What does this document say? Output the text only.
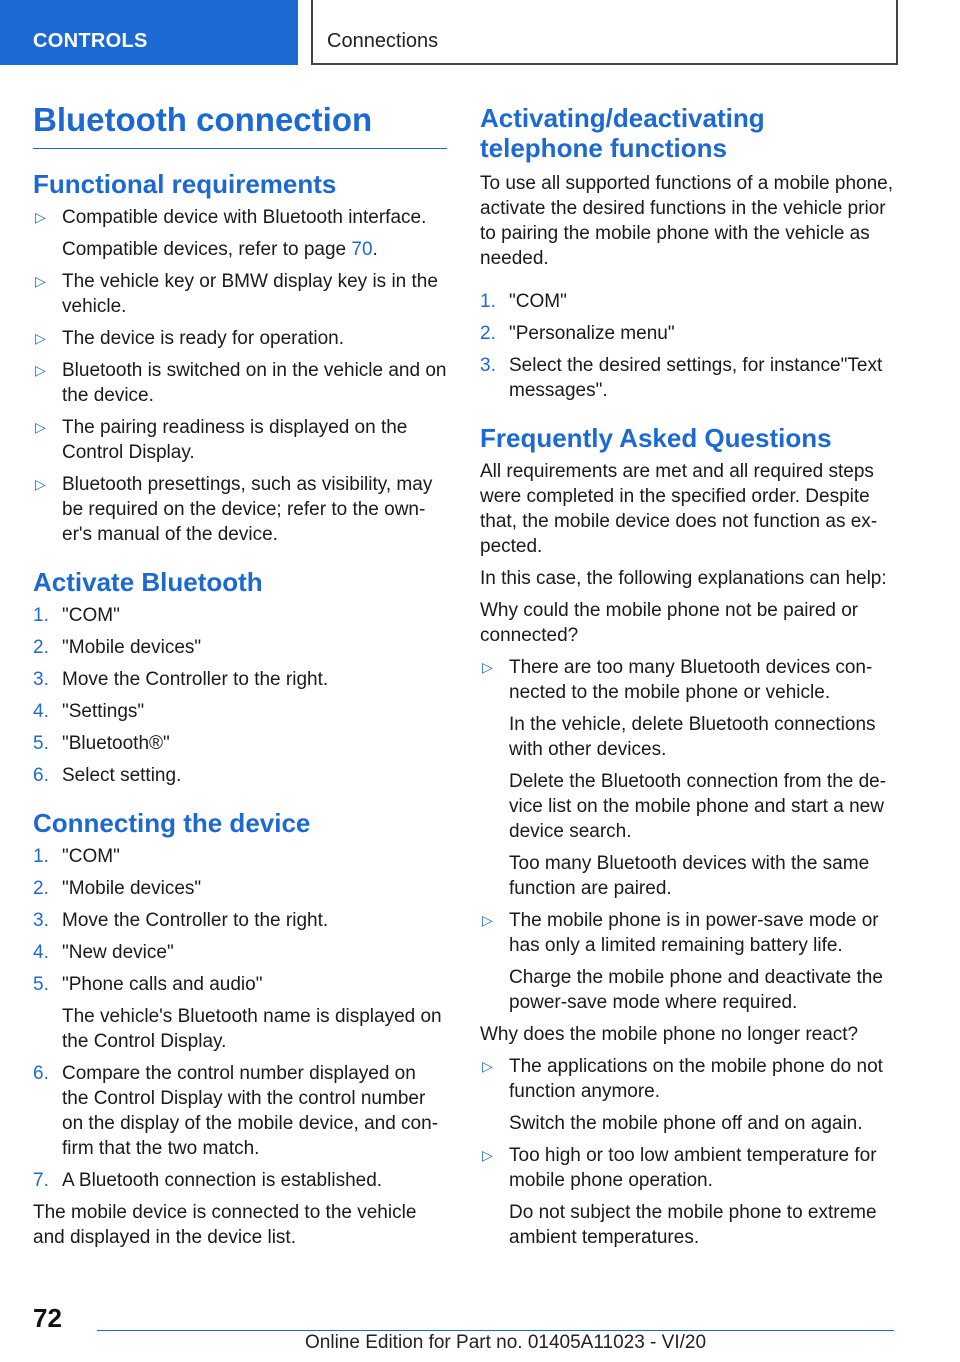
CONTROLS	Connections
Bluetooth connection
Functional requirements
▷ Compatible device with Bluetooth interface.
Compatible devices, refer to page 70.
▷ The vehicle key or BMW display key is in the vehicle.
▷ The device is ready for operation.
▷ Bluetooth is switched on in the vehicle and on the device.
▷ The pairing readiness is displayed on the Control Display.
▷ Bluetooth presettings, such as visibility, may be required on the device; refer to the owner's manual of the device.
Activate Bluetooth
1. "COM"
2. "Mobile devices"
3. Move the Controller to the right.
4. "Settings"
5. "Bluetooth®"
6. Select setting.
Connecting the device
1. "COM"
2. "Mobile devices"
3. Move the Controller to the right.
4. "New device"
5. "Phone calls and audio"
The vehicle's Bluetooth name is displayed on the Control Display.
6. Compare the control number displayed on the Control Display with the control number on the display of the mobile device, and confirm that the two match.
7. A Bluetooth connection is established.

The mobile device is connected to the vehicle and displayed in the device list.

Activating/deactivating telephone functions

To use all supported functions of a mobile phone, activate the desired functions in the vehicle prior to pairing the mobile phone with the vehicle as needed.

1. "COM"
2. "Personalize menu"
3. Select the desired settings, for instance"Text messages".
Frequently Asked Questions

All requirements are met and all required steps were completed in the specified order. Despite that, the mobile device does not function as expected.

In this case, the following explanations can help:

Why could the mobile phone not be paired or connected?

▷ There are too many Bluetooth devices connected to the mobile phone or vehicle.
In the vehicle, delete Bluetooth connections with other devices.
Delete the Bluetooth connection from the device list on the mobile phone and start a new device search.
Too many Bluetooth devices with the same function are paired.
▷ The mobile phone is in power-save mode or has only a limited remaining battery life.
Charge the mobile phone and deactivate the power-save mode where required.

Why does the mobile phone no longer react?

▷ The applications on the mobile phone do not function anymore.
Switch the mobile phone off and on again.
▷ Too high or too low ambient temperature for mobile phone operation.
Do not subject the mobile phone to extreme ambient temperatures.
72
Online Edition for Part no. 01405A11023 - VI/20
